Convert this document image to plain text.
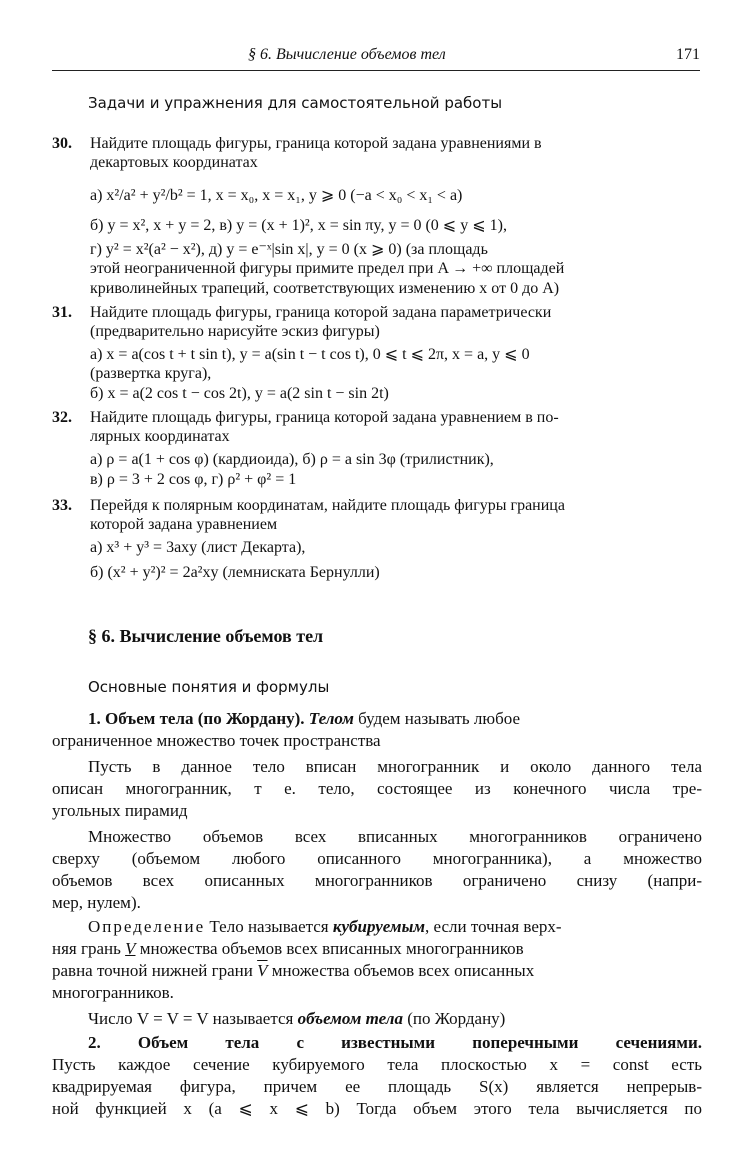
§ 6. Вычисление объемов тел	171
Задачи и упражнения для самостоятельной работы
30. Найдите площадь фигуры, граница которой задана уравнениями в
декартовых координатах
а) x²/a² + y²/b² = 1, x = x₀, x = x₁, y ⩾ 0 (−a < x₀ < x₁ < a)
б) y = x², x + y = 2, в) y = (x + 1)², x = sin πy, y = 0 (0 ⩽ y ⩽ 1),
г) y² = x²(a² − x²), д) y = e⁻ˣ|sin x|, y = 0 (x ⩾ 0) (за площадь
этой неограниченной фигуры примите предел при A → +∞ площадей
криволинейных трапеций, соответствующих изменению x от 0 до A)
31. Найдите площадь фигуры, граница которой задана параметрически
(предварительно нарисуйте эскиз фигуры)
а) x = a(cos t + t sin t), y = a(sin t − t cos t), 0 ⩽ t ⩽ 2π, x = a, y ⩽ 0
(развертка круга),
б) x = a(2 cos t − cos 2t), y = a(2 sin t − sin 2t)
32. Найдите площадь фигуры, граница которой задана уравнением в по-
лярных координатах
а) ρ = a(1 + cos φ) (кардиоида), б) ρ = a sin 3φ (трилистник),
в) ρ = 3 + 2 cos φ, г) ρ² + φ² = 1
33. Перейдя к полярным координатам, найдите площадь фигуры граница
которой задана уравнением
а) x³ + y³ = 3axy (лист Декарта),
б) (x² + y²)² = 2a²xy (лемниската Бернулли)
§ 6. Вычисление объемов тел
Основные понятия и формулы
1. Объем тела (по Жордану). Телом будем называть любое
ограниченное множество точек пространства
Пусть в данное тело вписан многогранник и около данного тела
описан многогранник, т е. тело, состоящее из конечного числа тре-
угольных пирамид
Множество объемов всех вписанных многогранников ограничено
сверху (объемом любого описанного многогранника), а множество
объемов всех описанных многогранников ограничено снизу (напри-
мер, нулем).
Определение Тело называется кубируемым, если точная верх-
няя грань V множества объемов всех вписанных многогранников
равна точной нижней грани $\overline{V}$ множества объемов всех описанных
многогранников.
Число V = V = V называется объемом тела (по Жордану)
2. Объем тела с известными поперечными сечениями.
Пусть каждое сечение кубируемого тела плоскостью x = const есть
квадрируемая фигура, причем ее площадь S(x) является непрерыв-
ной функцией x (a ⩽ x ⩽ b) Тогда объем этого тела вычисляется по
